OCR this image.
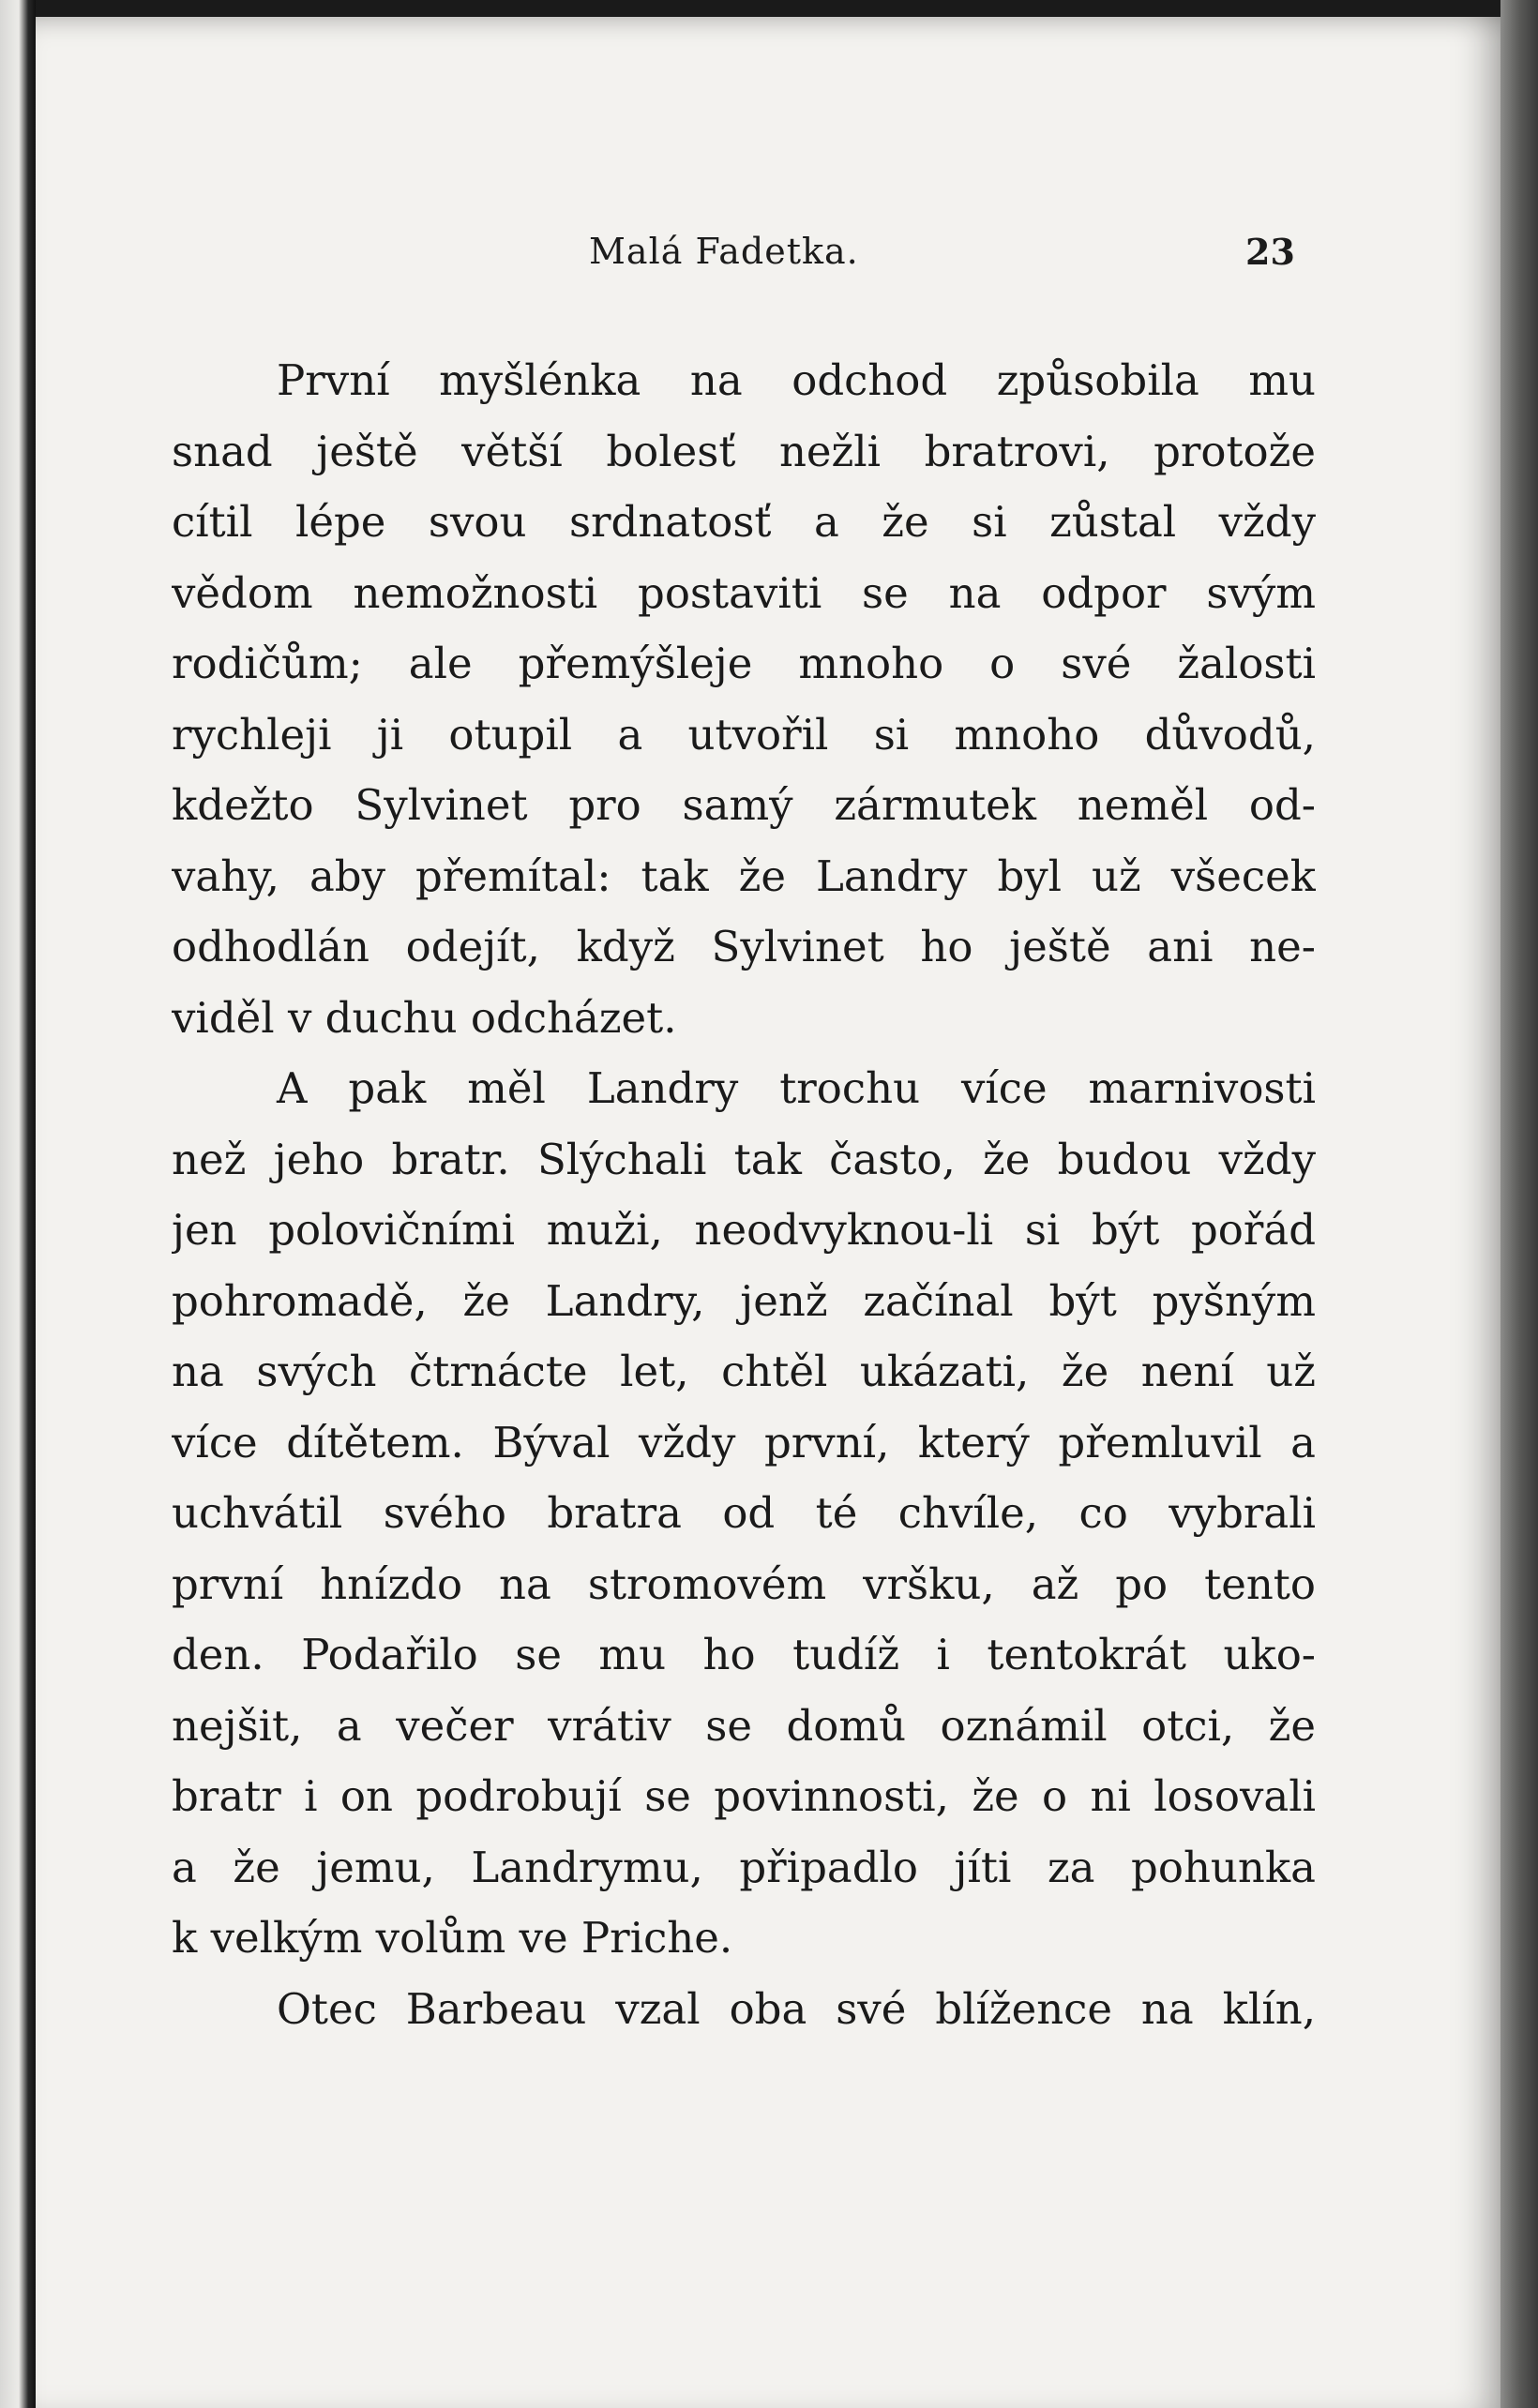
Malá Fadetka.	23
První myšlénka na odchod způsobila mu
snad ještě větší bolesť nežli bratrovi, protože
cítil lépe svou srdnatosť a že si zůstal vždy
vědom nemožnosti postaviti se na odpor svým
rodičům; ale přemýšleje mnoho o své žalosti
rychleji ji otupil a utvořil si mnoho důvodů,
kdežto Sylvinet pro samý zármutek neměl od-
vahy, aby přemítal: tak že Landry byl už všecek
odhodlán odejít, když Sylvinet ho ještě ani ne-
viděl v duchu odcházet.
A pak měl Landry trochu více marnivosti
než jeho bratr. Slýchali tak často, že budou vždy
jen polovičními muži, neodvyknou-li si být pořád
pohromadě, že Landry, jenž začínal být pyšným
na svých čtrnácte let, chtěl ukázati, že není už
více dítětem. Býval vždy první, který přemluvil a
uchvátil svého bratra od té chvíle, co vybrali
první hnízdo na stromovém vršku, až po tento
den. Podařilo se mu ho tudíž i tentokrát uko-
nejšit, a večer vrátiv se domů oznámil otci, že
bratr i on podrobují se povinnosti, že o ni losovali
a že jemu, Landrymu, připadlo jíti za pohunka
k velkým volům ve Priche.
Otec Barbeau vzal oba své blížence na klín,
